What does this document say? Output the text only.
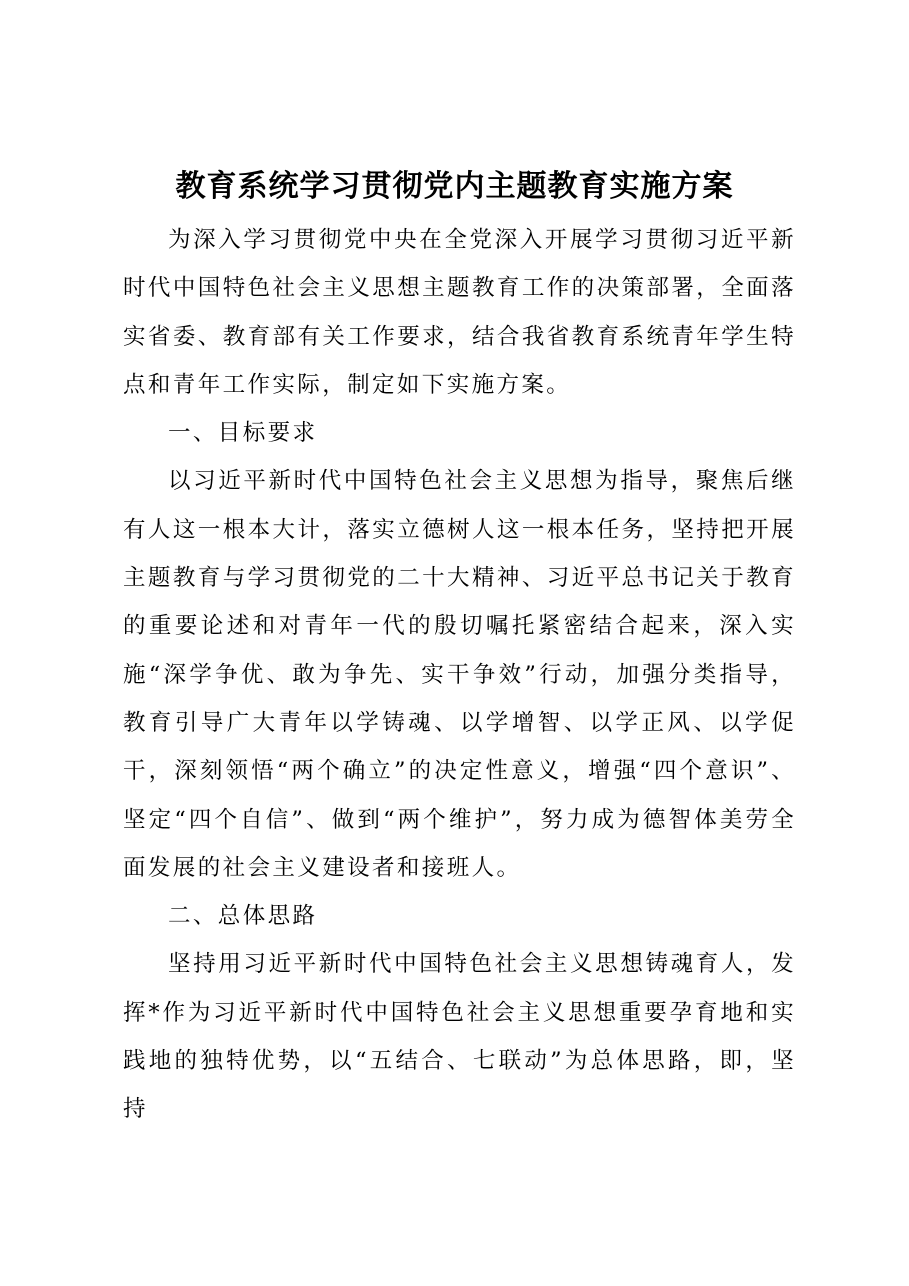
教育系统学习贯彻党内主题教育实施方案

为深入学习贯彻党中央在全党深入开展学习贯彻习近平新时代中国特色社会主义思想主题教育工作的决策部署，全面落实省委、教育部有关工作要求，结合我省教育系统青年学生特点和青年工作实际，制定如下实施方案。

一、目标要求

以习近平新时代中国特色社会主义思想为指导，聚焦后继有人这一根本大计，落实立德树人这一根本任务，坚持把开展主题教育与学习贯彻党的二十大精神、习近平总书记关于教育的重要论述和对青年一代的殷切嘱托紧密结合起来，深入实施“深学争优、敢为争先、实干争效”行动，加强分类指导，教育引导广大青年以学铸魂、以学增智、以学正风、以学促干，深刻领悟“两个确立”的决定性意义，增强“四个意识”、坚定“四个自信”、做到“两个维护”，努力成为德智体美劳全面发展的社会主义建设者和接班人。

二、总体思路

坚持用习近平新时代中国特色社会主义思想铸魂育人，发挥*作为习近平新时代中国特色社会主义思想重要孕育地和实践地的独特优势，以“五结合、七联动”为总体思路，即，坚持
